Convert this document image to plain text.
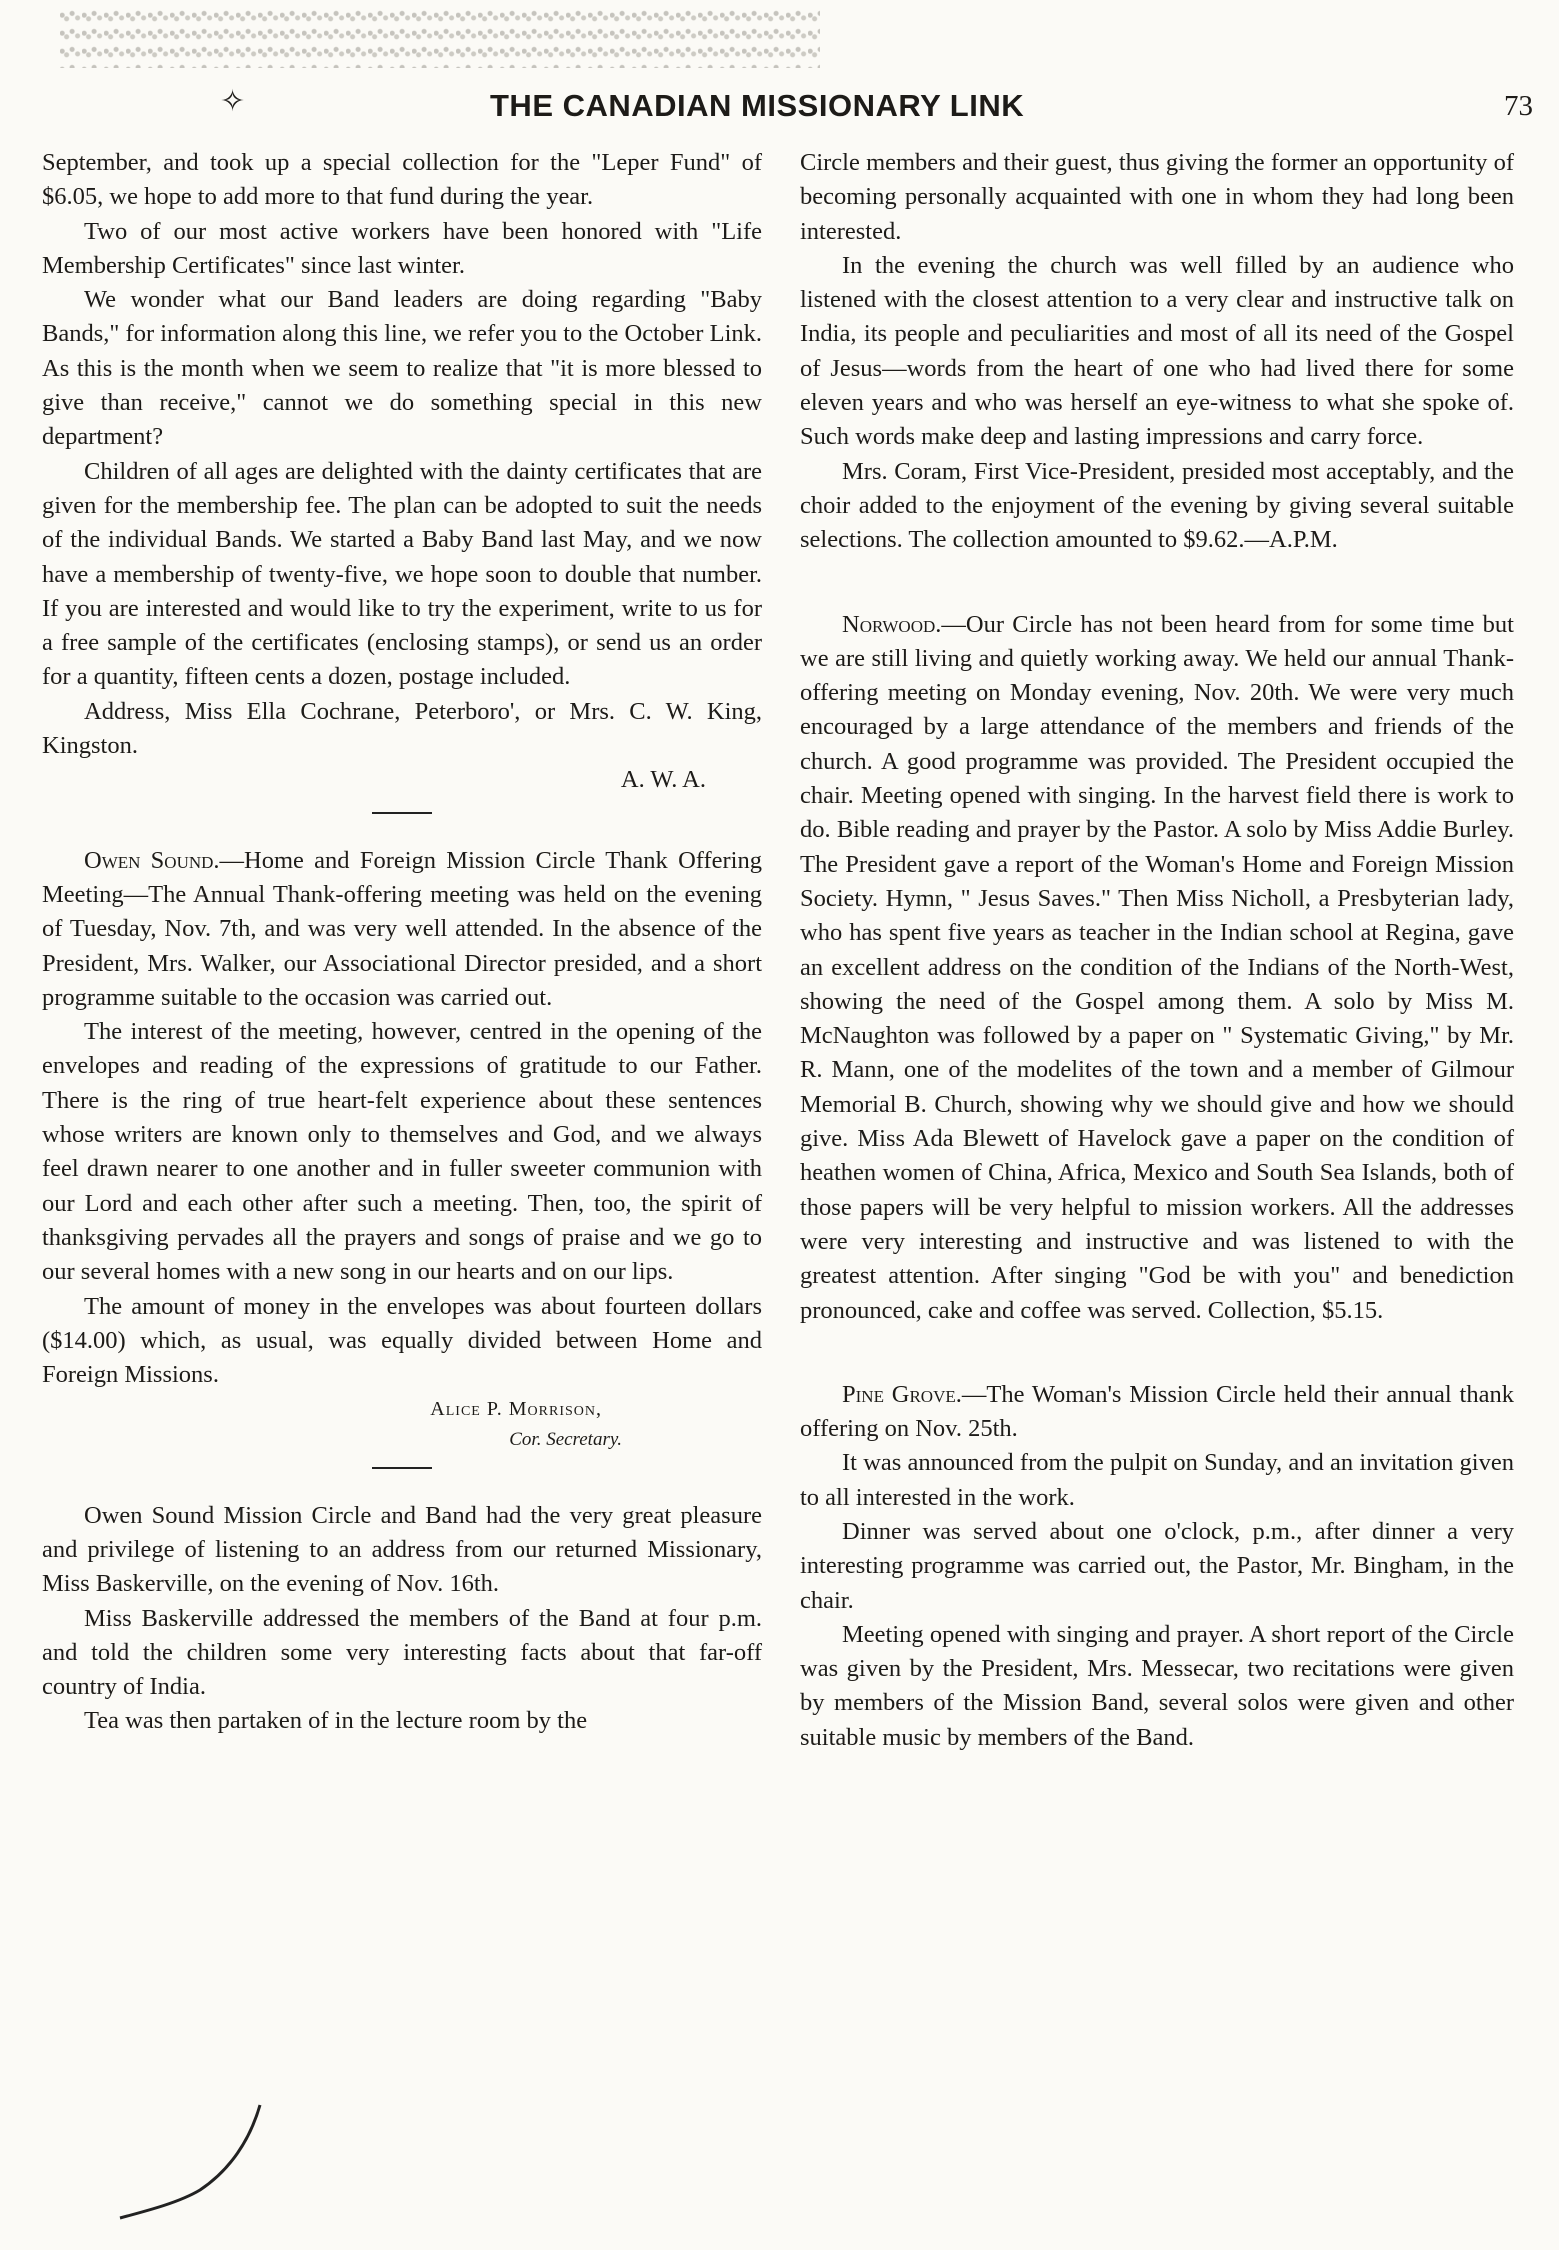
✧	THE CANADIAN MISSIONARY LINK	73

September, and took up a special collection for the "Leper Fund" of $6.05, we hope to add more to that fund during the year.

Two of our most active workers have been honored with "Life Membership Certificates" since last winter.

We wonder what our Band leaders are doing regarding "Baby Bands," for information along this line, we refer you to the October Link. As this is the month when we seem to realize that "it is more blessed to give than receive," cannot we do something special in this new department?

Children of all ages are delighted with the dainty certificates that are given for the membership fee. The plan can be adopted to suit the needs of the individual Bands. We started a Baby Band last May, and we now have a membership of twenty-five, we hope soon to double that number. If you are interested and would like to try the experiment, write to us for a free sample of the certificates (enclosing stamps), or send us an order for a quantity, fifteen cents a dozen, postage included.

Address, Miss Ella Cochrane, Peterboro', or Mrs. C. W. King, Kingston.

A. W. A.

Owen Sound.—Home and Foreign Mission Circle Thank Offering Meeting—The Annual Thank-offering meeting was held on the evening of Tuesday, Nov. 7th, and was very well attended. In the absence of the President, Mrs. Walker, our Associational Director presided, and a short programme suitable to the occasion was carried out.

The interest of the meeting, however, centred in the opening of the envelopes and reading of the expressions of gratitude to our Father. There is the ring of true heart-felt experience about these sentences whose writers are known only to themselves and God, and we always feel drawn nearer to one another and in fuller sweeter communion with our Lord and each other after such a meeting. Then, too, the spirit of thanksgiving pervades all the prayers and songs of praise and we go to our several homes with a new song in our hearts and on our lips.

The amount of money in the envelopes was about fourteen dollars ($14.00) which, as usual, was equally divided between Home and Foreign Missions.

Alice P. Morrison,

Cor. Secretary.

Owen Sound Mission Circle and Band had the very great pleasure and privilege of listening to an address from our returned Missionary, Miss Baskerville, on the evening of Nov. 16th.

Miss Baskerville addressed the members of the Band at four p.m. and told the children some very interesting facts about that far-off country of India.

Tea was then partaken of in the lecture room by the

Circle members and their guest, thus giving the former an opportunity of becoming personally acquainted with one in whom they had long been interested.

In the evening the church was well filled by an audience who listened with the closest attention to a very clear and instructive talk on India, its people and peculiarities and most of all its need of the Gospel of Jesus—words from the heart of one who had lived there for some eleven years and who was herself an eye-witness to what she spoke of. Such words make deep and lasting impressions and carry force.

Mrs. Coram, First Vice-President, presided most acceptably, and the choir added to the enjoyment of the evening by giving several suitable selections. The collection amounted to $9.62.—A.P.M.

Norwood.—Our Circle has not been heard from for some time but we are still living and quietly working away. We held our annual Thank-offering meeting on Monday evening, Nov. 20th. We were very much encouraged by a large attendance of the members and friends of the church. A good programme was provided. The President occupied the chair. Meeting opened with singing. In the harvest field there is work to do. Bible reading and prayer by the Pastor. A solo by Miss Addie Burley. The President gave a report of the Woman's Home and Foreign Mission Society. Hymn, " Jesus Saves." Then Miss Nicholl, a Presbyterian lady, who has spent five years as teacher in the Indian school at Regina, gave an excellent address on the condition of the Indians of the North-West, showing the need of the Gospel among them. A solo by Miss M. McNaughton was followed by a paper on " Systematic Giving," by Mr. R. Mann, one of the modelites of the town and a member of Gilmour Memorial B. Church, showing why we should give and how we should give. Miss Ada Blewett of Havelock gave a paper on the condition of heathen women of China, Africa, Mexico and South Sea Islands, both of those papers will be very helpful to mission workers. All the addresses were very interesting and instructive and was listened to with the greatest attention. After singing "God be with you" and benediction pronounced, cake and coffee was served. Collection, $5.15.

Pine Grove.—The Woman's Mission Circle held their annual thank offering on Nov. 25th.

It was announced from the pulpit on Sunday, and an invitation given to all interested in the work.

Dinner was served about one o'clock, p.m., after dinner a very interesting programme was carried out, the Pastor, Mr. Bingham, in the chair.

Meeting opened with singing and prayer. A short report of the Circle was given by the President, Mrs. Messecar, two recitations were given by members of the Mission Band, several solos were given and other suitable music by members of the Band.
